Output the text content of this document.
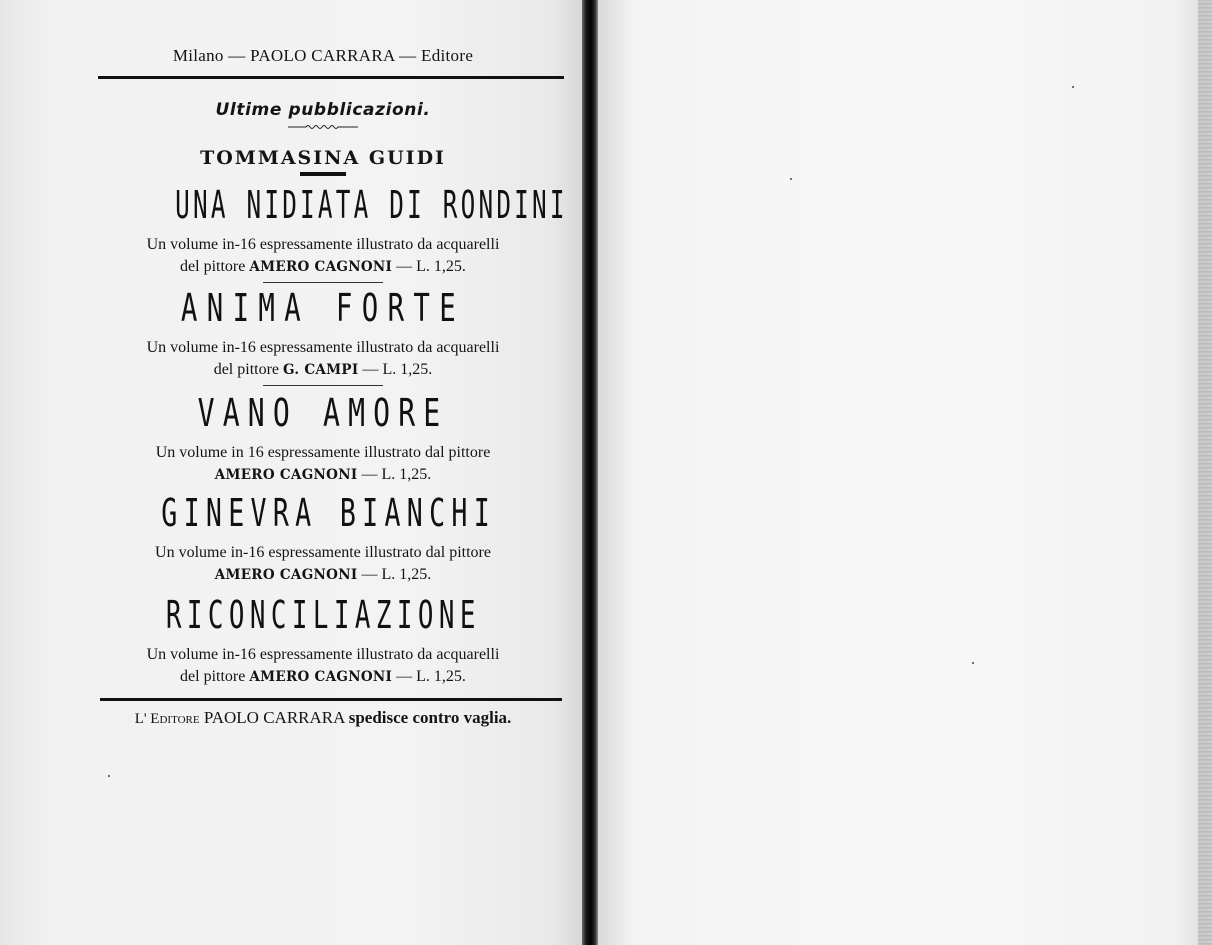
Milano — PAOLO CARRARA — Editore
Ultime pubblicazioni.
TOMMASINA GUIDI
UNA NIDIATA DI RONDINI
Un volume in-16 espressamente illustrato da acquarelli
del pittore AMERO CAGNONI — L. 1,25.
ANIMA FORTE
Un volume in-16 espressamente illustrato da acquarelli
del pittore G. CAMPI — L. 1,25.
VANO AMORE
Un volume in 16 espressamente illustrato dal pittore
AMERO CAGNONI — L. 1,25.
GINEVRA BIANCHI
Un volume in-16 espressamente illustrato dal pittore
AMERO CAGNONI — L. 1,25.
RICONCILIAZIONE
Un volume in-16 espressamente illustrato da acquarelli
del pittore AMERO CAGNONI — L. 1,25.
L' Editore PAOLO CARRARA spedisce contro vaglia.
